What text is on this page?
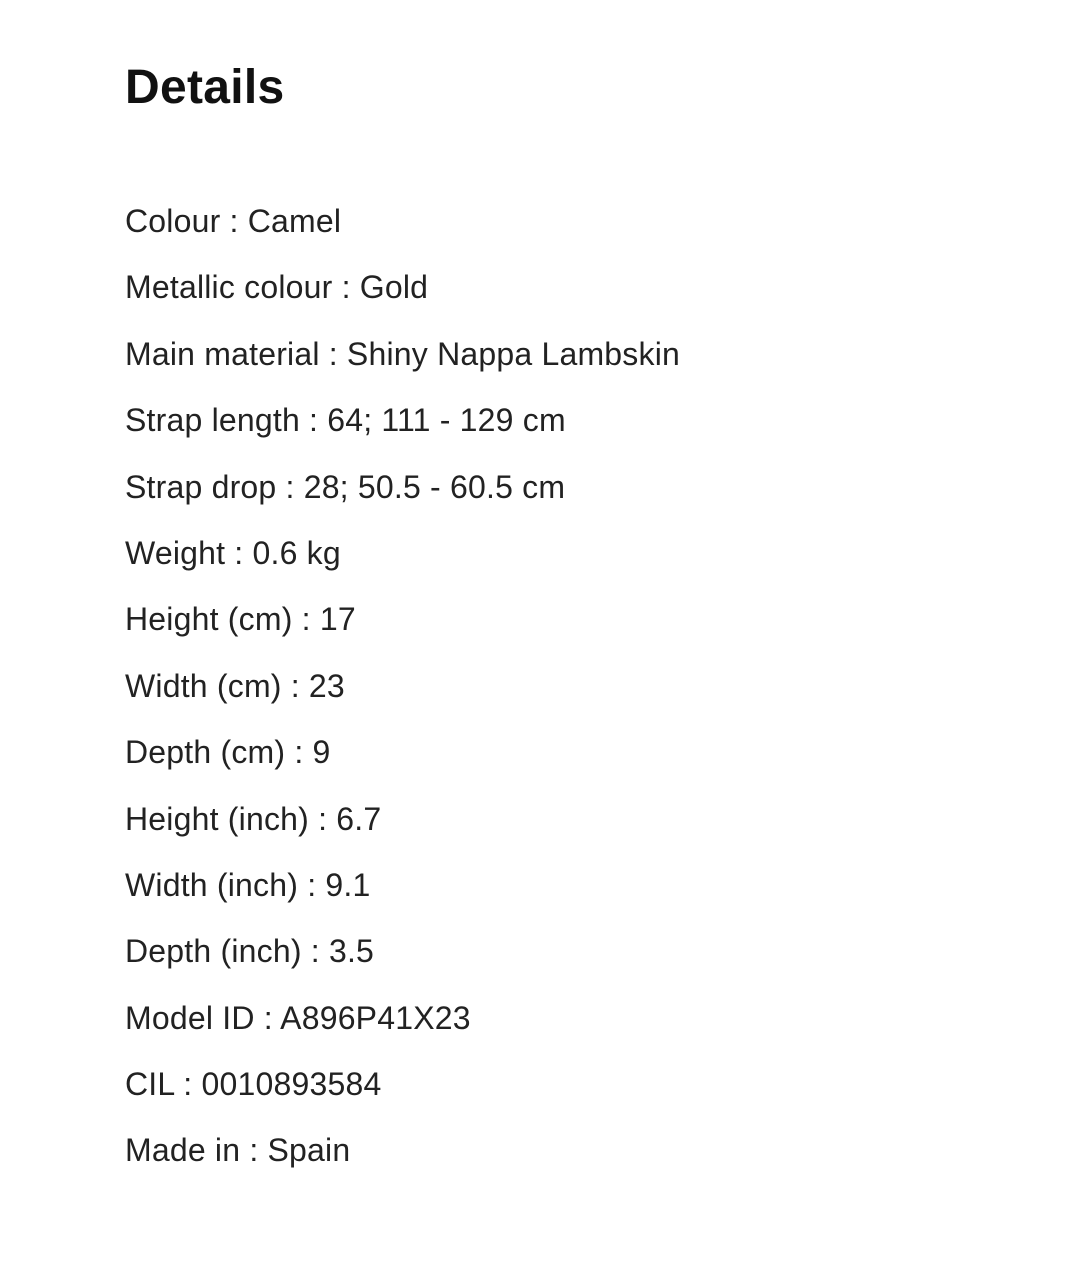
Details
Colour : Camel
Metallic colour : Gold
Main material : Shiny Nappa Lambskin
Strap length : 64; 111 - 129 cm
Strap drop : 28; 50.5 - 60.5 cm
Weight : 0.6 kg
Height (cm) : 17
Width (cm) : 23
Depth (cm) : 9
Height (inch) : 6.7
Width (inch) : 9.1
Depth (inch) : 3.5
Model ID : A896P41X23
CIL : 0010893584
Made in : Spain
